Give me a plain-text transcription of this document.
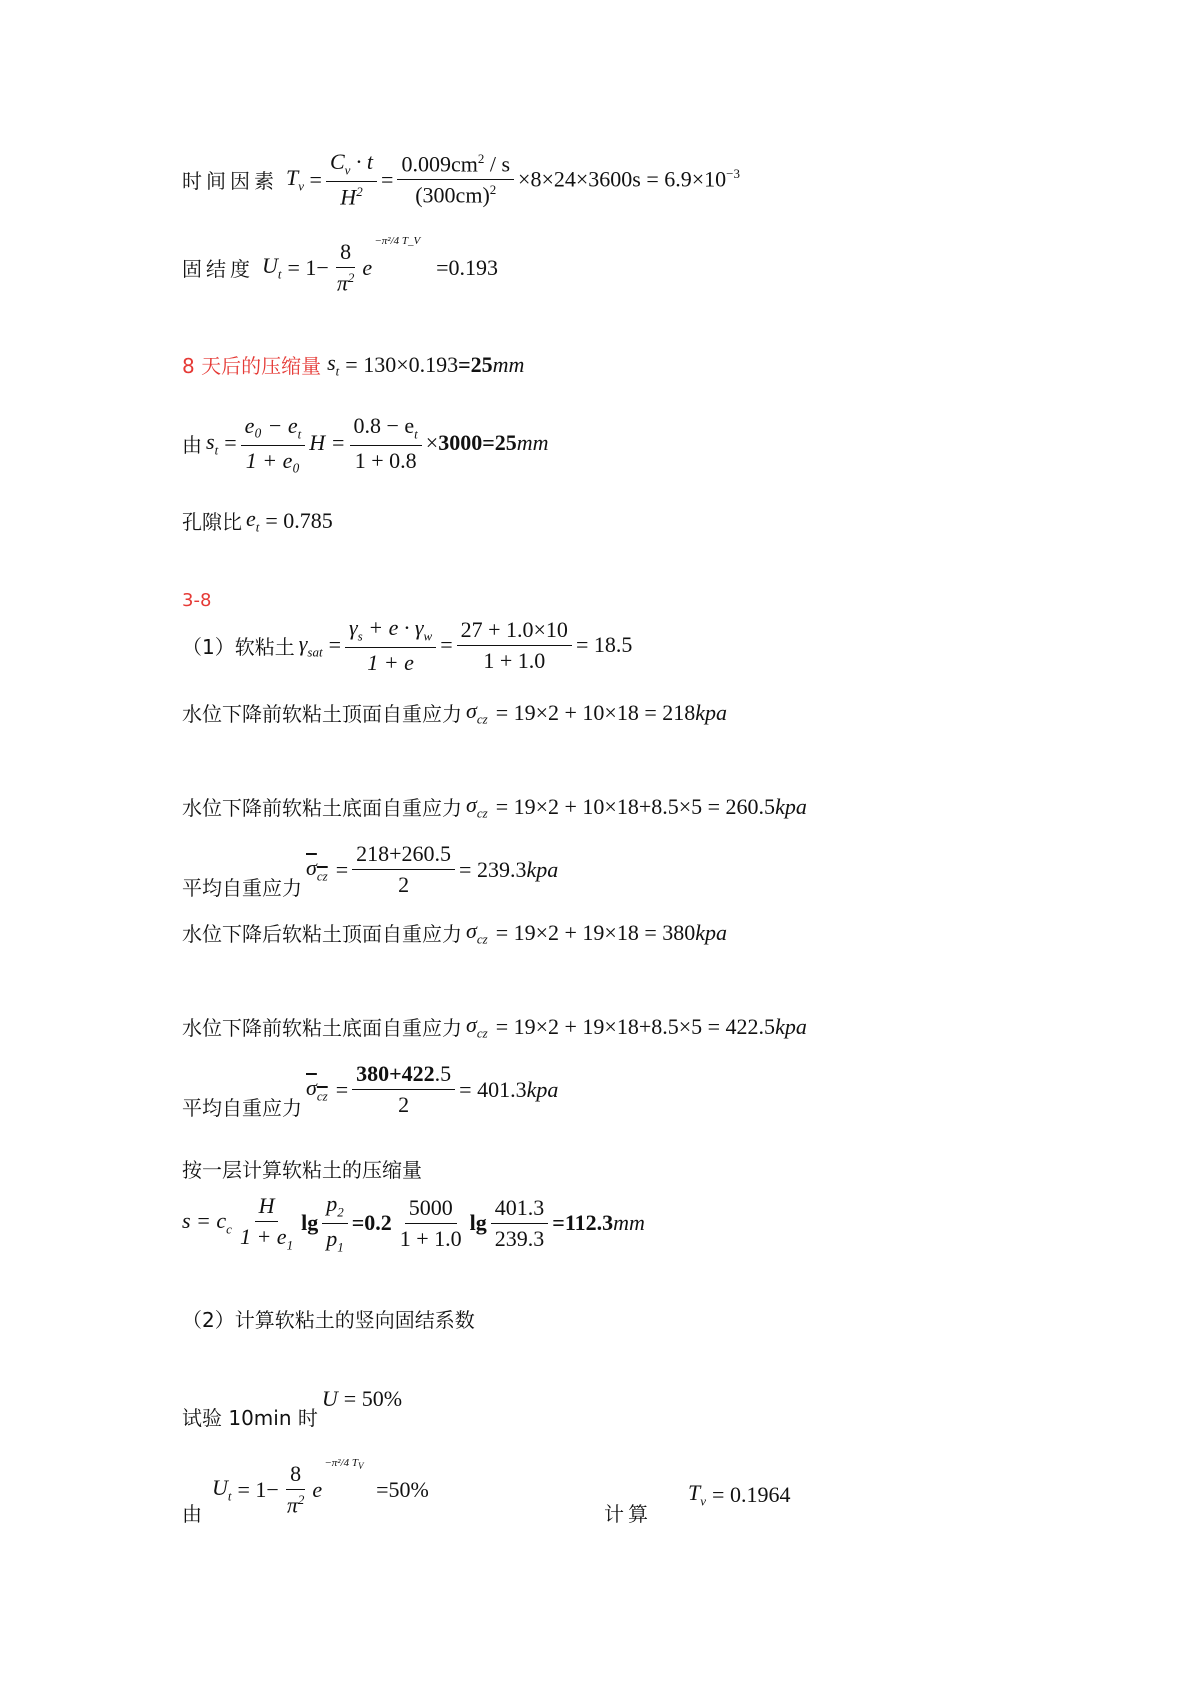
时间因素 $T_v = \frac{C_v \cdot t}{H^2} = \frac{0.009cm^2 / s}{(300cm)^2} \times 8\times 24\times 3600s = 6.9\times 10^{-3}$
固结度 $U_t = 1- \frac{8}{\pi^2}$ e
−π²/4 T_V
=0.193
8 天后的压缩量 $s_t = 130\times 0.193 =25$ mm
由 $s_t = \frac{e_0 - e_t}{\text{1 + e₀}}$ $H = \frac{0.8 - e_t}{1 + 0.8} \times 3000=25$ mm
孔隙比 $e_t = 0.785$
3-8
（1）软粘土 $\gamma_{sat} = \frac{\gamma_s + e \cdot \gamma_w}{1 + e} = \frac{27 + 1.0\times 10}{1 + 1.0} = 18.5$
水位下降前软粘土顶面自重应力 $\sigma_{cz} = 19\times 2 + 10\times 18 = 218$ kpa
水位下降前软粘土底面自重应力 $\sigma_{cz} = 19\times 2 + 10\times 18+8.5\times 5 = 260.5$ kpa
平均自重应力
$\sigma_{cz} = \frac{218+260.5}{2} = 239.3$ kpa
水位下降后软粘土顶面自重应力 $\sigma_{cz} = 19\times 2 + 19\times 18 = 380$ kpa
水位下降前软粘土底面自重应力 $\sigma_{cz} = 19\times 2 + 19\times 18+8.5\times 5 = 422.5$ kpa
平均自重应力
$\sigma_{cz} = \frac{380+422.5}{2} = 401.3$ kpa
按一层计算软粘土的压缩量
$s = c_c \frac{H}{1 + e_1}$ $\lg \frac{p_2}{p_1} =0.2 \frac{5000}{1 + 1.0}$ $\lg \frac{401.3}{239.3} =112.3$ mm
（2）计算软粘土的竖向固结系数
试验 10min 时
U = 50%
由
$U_t = 1- \frac{8}{\pi^2}$ e
−π²/4 $T_V$
=50%
计算
$T_v = 0.1964$
